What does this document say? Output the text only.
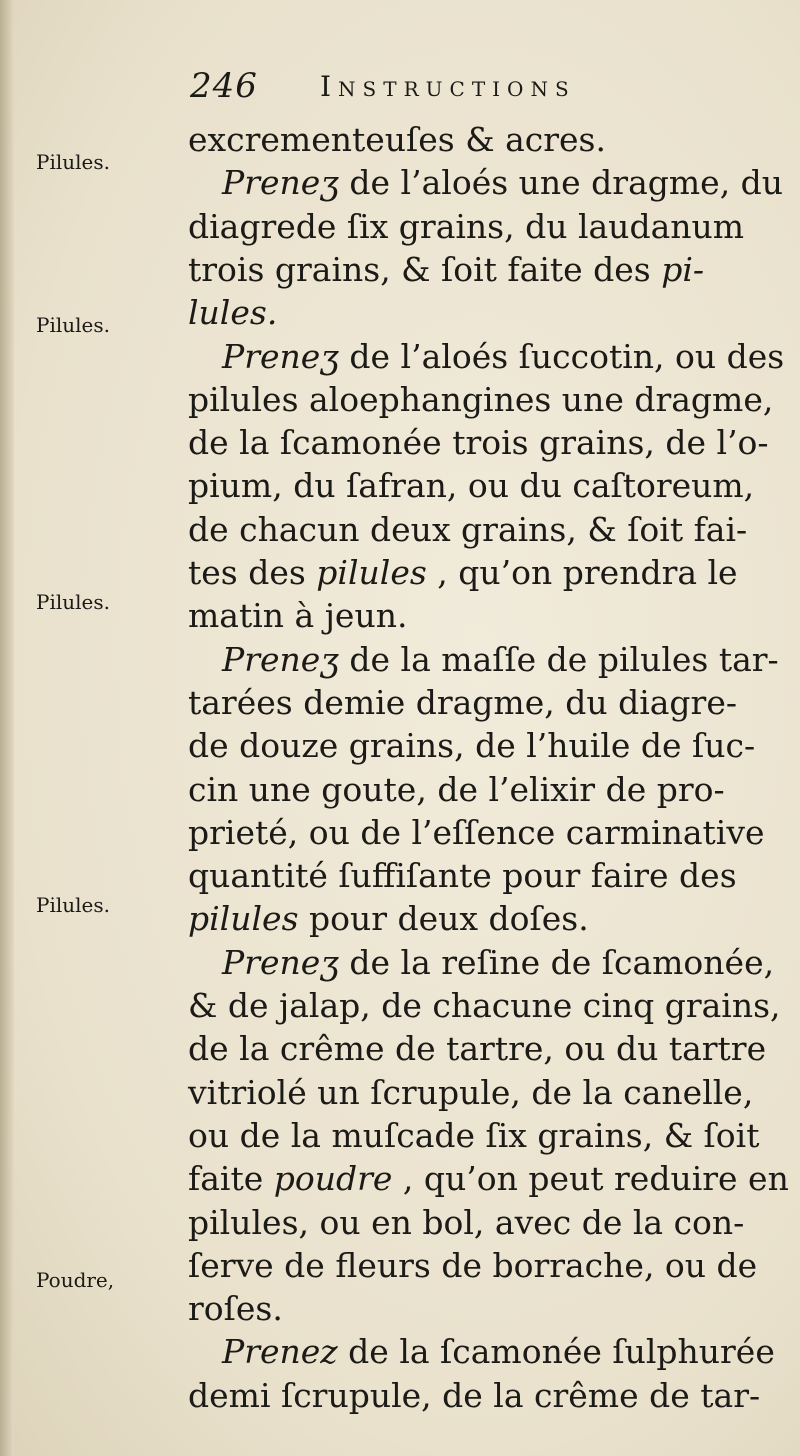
246 Instructions
Pilules.
Pilules.
Pilules.
Pilules.
Poudre,
excrementeuſes & acres.
Preneʒ de l’aloés une dragme, du
diagrede ſix grains, du laudanum
trois grains, & ſoit faite des pi-
lules.
Preneʒ de l’aloés ſuccotin, ou des
pilules aloephangines une dragme,
de la ſcamonée trois grains, de l’o-
pium, du ſafran, ou du caſtoreum,
de chacun deux grains, & ſoit fai-
tes des pilules , qu’on prendra le
matin à jeun.
Preneʒ de la maſſe de pilules tar-
tarées demie dragme, du diagre-
de douze grains, de l’huile de ſuc-
cin une goute, de l’elixir de pro-
prieté, ou de l’eſſence carminative
quantité ſuffiſante pour faire des
pilules pour deux doſes.
Preneʒ de la reſine de ſcamonée,
& de jalap, de chacune cinq grains,
de la crême de tartre, ou du tartre
vitriolé un ſcrupule, de la canelle,
ou de la muſcade ſix grains, & ſoit
faite poudre , qu’on peut reduire en
pilules, ou en bol, avec de la con-
ſerve de fleurs de borrache, ou de
roſes.
Prenez de la ſcamonée ſulphurée
demi ſcrupule, de la crême de tar-
